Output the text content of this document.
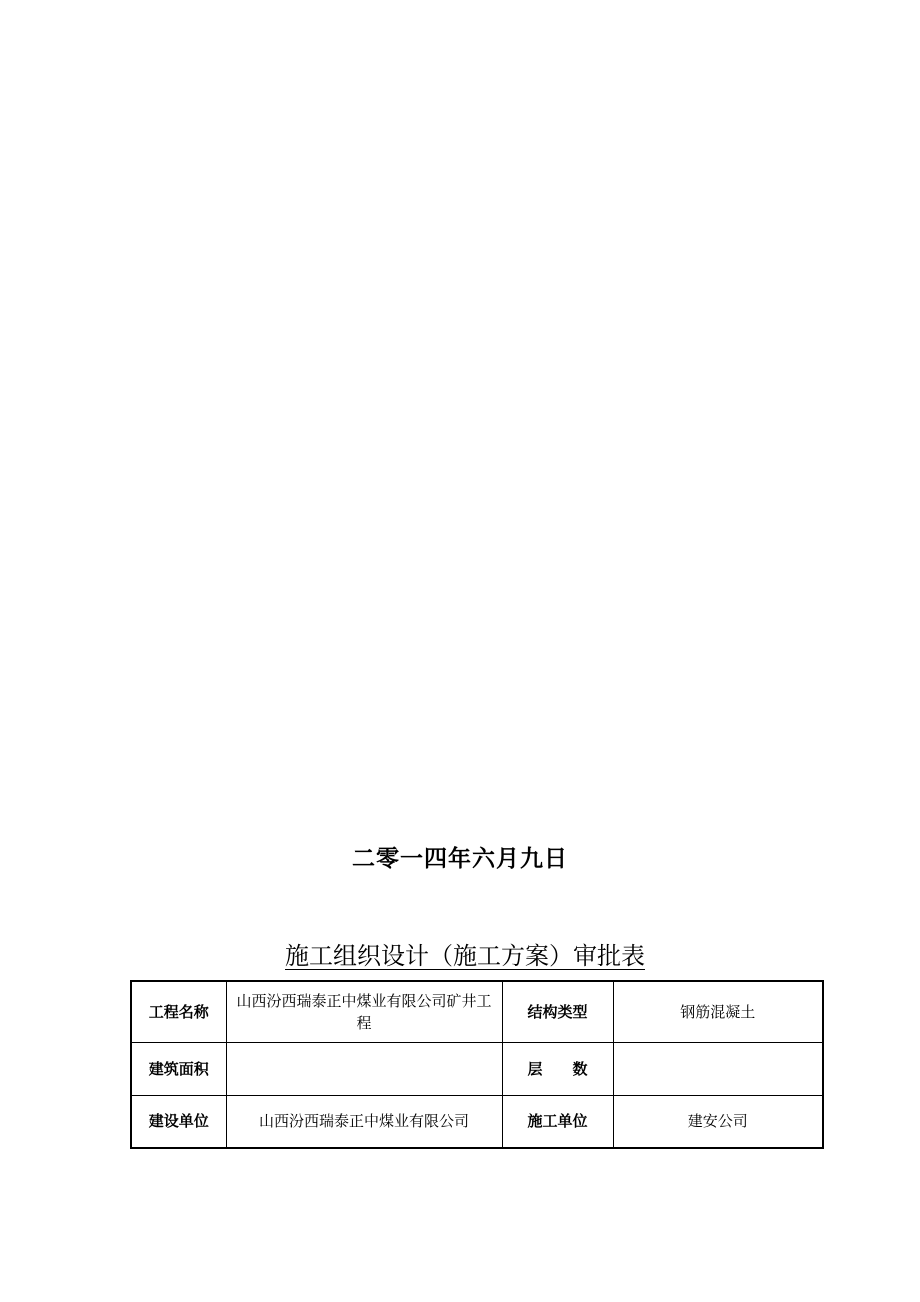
二零一四年六月九日
施工组织设计（施工方案）审批表
工程名称	山西汾西瑞泰正中煤业有限公司矿井工程	结构类型	钢筋混凝土
建筑面积		层　　数	
建设单位	山西汾西瑞泰正中煤业有限公司	施工单位	建安公司
